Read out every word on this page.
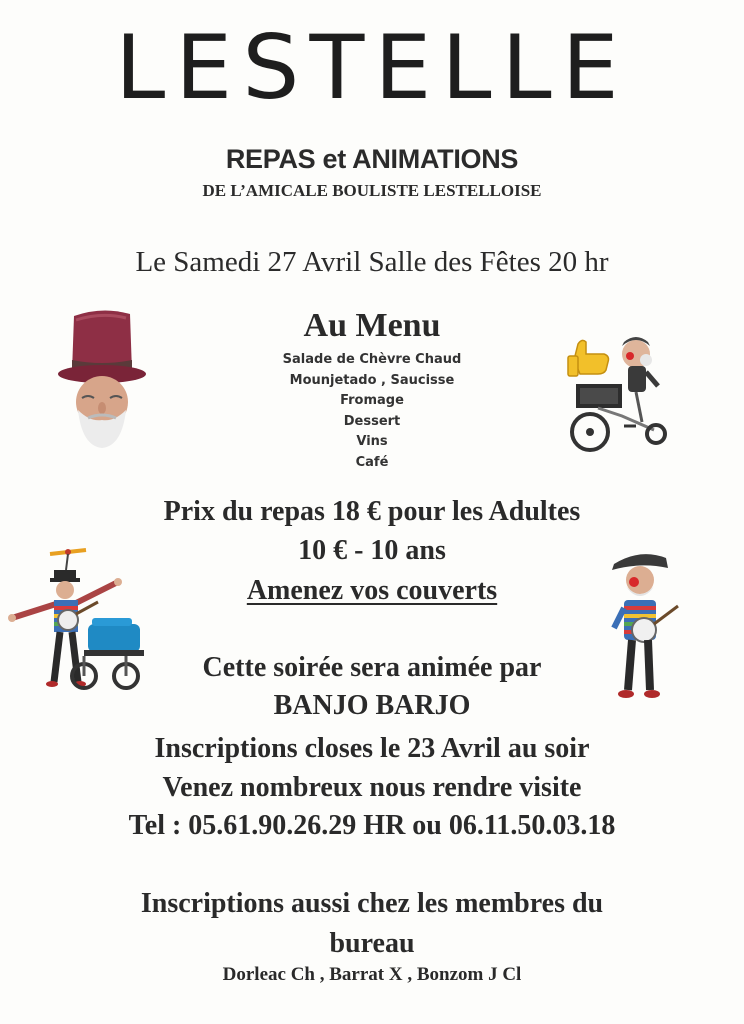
LESTELLE
REPAS et ANIMATIONS
DE L’AMICALE BOULISTE LESTELLOISE
Le Samedi 27 Avril Salle des Fêtes 20 hr
Au Menu
Salade de Chèvre Chaud
Mounjetado , Saucisse
Fromage
Dessert
Vins
Café
Prix du repas 18 € pour les Adultes
10 € - 10 ans
Amenez vos couverts
Cette soirée sera animée par
BANJO BARJO
Inscriptions closes le 23 Avril au soir
Venez nombreux nous rendre visite
Tel : 05.61.90.26.29 HR ou 06.11.50.03.18
Inscriptions aussi chez les membres du
bureau
Dorleac Ch , Barrat X , Bonzom J Cl
